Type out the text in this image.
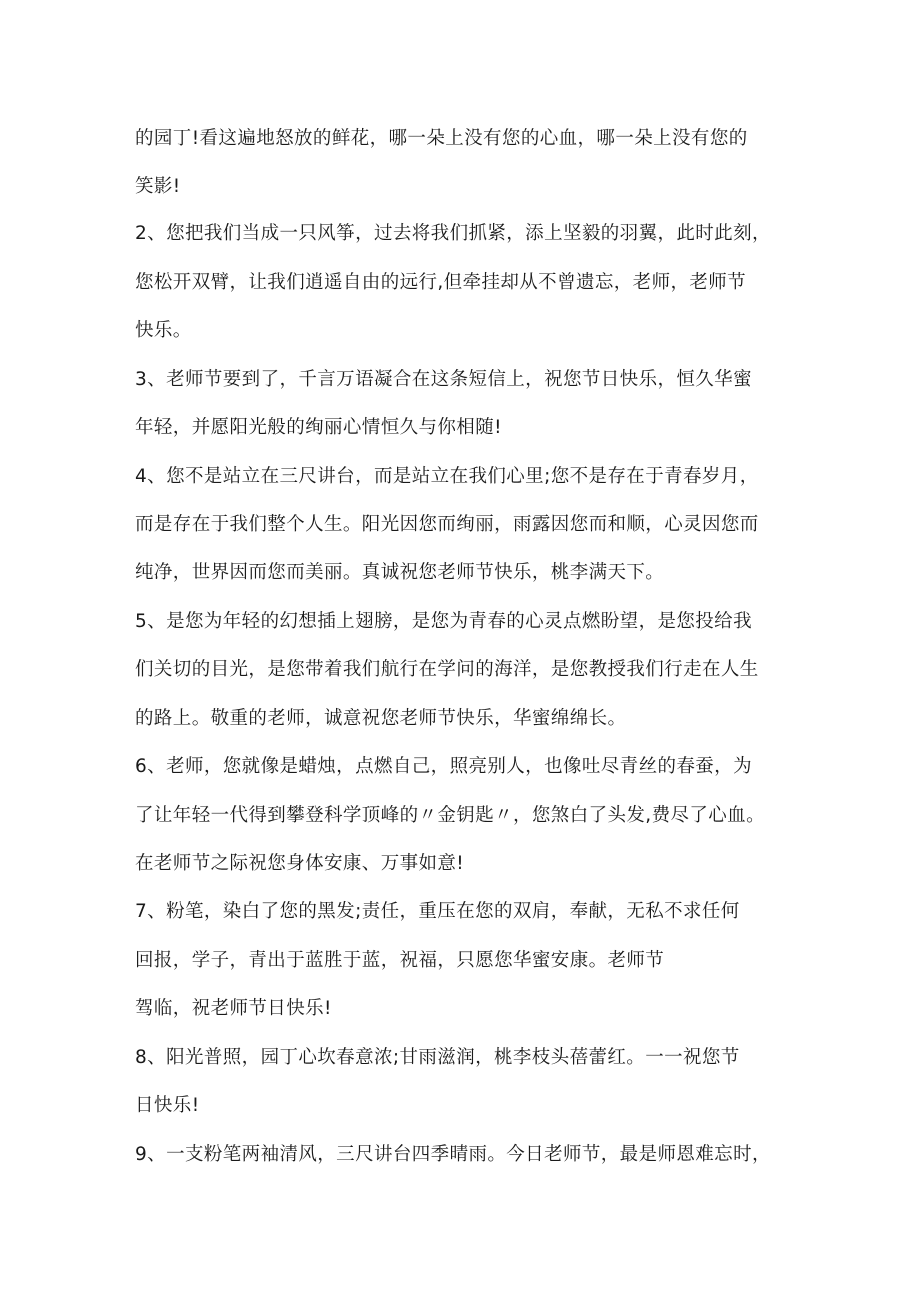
的园丁!看这遍地怒放的鲜花，哪一朵上没有您的心血，哪一朵上没有您的
笑影!
2、您把我们当成一只风筝，过去将我们抓紧，添上坚毅的羽翼，此时此刻，
您松开双臂，让我们逍遥自由的远行,但牵挂却从不曾遗忘，老师，老师节
快乐。
3、老师节要到了，千言万语凝合在这条短信上，祝您节日快乐，恒久华蜜
年轻，并愿阳光般的绚丽心情恒久与你相随!
4、您不是站立在三尺讲台，而是站立在我们心里;您不是存在于青春岁月，
而是存在于我们整个人生。阳光因您而绚丽，雨露因您而和顺，心灵因您而
纯净，世界因而您而美丽。真诚祝您老师节快乐，桃李满天下。
5、是您为年轻的幻想插上翅膀，是您为青春的心灵点燃盼望，是您投给我
们关切的目光，是您带着我们航行在学问的海洋，是您教授我们行走在人生
的路上。敬重的老师，诚意祝您老师节快乐，华蜜绵绵长。
6、老师，您就像是蜡烛，点燃自己，照亮别人，也像吐尽青丝的春蚕，为
了让年轻一代得到攀登科学顶峰的〃金钥匙〃，您煞白了头发,费尽了心血。
在老师节之际祝您身体安康、万事如意!
7、粉笔，染白了您的黑发;责任，重压在您的双肩，奉献，无私不求任何
回报，学子，青出于蓝胜于蓝，祝福，只愿您华蜜安康。老师节
驾临，祝老师节日快乐!
8、阳光普照，园丁心坎春意浓;甘雨滋润，桃李枝头蓓蕾红。一一祝您节
日快乐!
9、一支粉笔两袖清风，三尺讲台四季晴雨。今日老师节，最是师恩难忘时，
